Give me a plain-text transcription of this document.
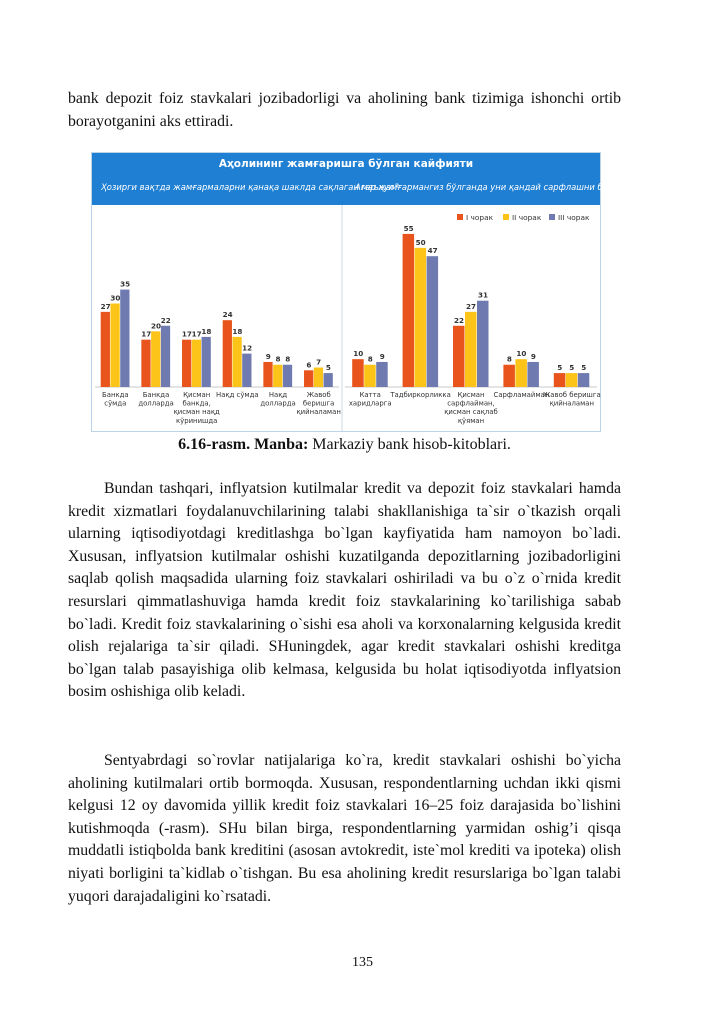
bank depozit foiz stavkalari jozibadorligi va aholining bank tizimiga ishonchi ortib borayotganini aks ettiradi.

Аҳолининг жамғаришга бўлган кайфияти
Ҳозирги вақтда жамғармаларни қанақа шаклда сақлаган маъқул?
Агар жамғармангиз бўлганда уни қандай сарфлашни бўлган эдингиз?
27
30
35
Банкда
сўмда
17
20
22
Банкда
долларда
17 17 18
Қисман
банкда,
қисман нақд
кўринишда
24
18
12
Нақд сўмда
9 8 8
Нақд
долларда
6 7
5
Жавоб
беришга
қийналаман
10
8 9
Катта
харидларга
55
50
47
Тадбиркорликка
22
27
31
Қисман
сарфлайман,
қисман сақлаб
қўяман
8
10 9
Сарфламайман
5 5 5
Жавоб беришга
қийналаман
I чорак	II чорак III чорак
6.16-rasm. Manba: Markaziy bank hisob-kitoblari.

Bundan tashqari, inflyatsion kutilmalar kredit va depozit foiz stavkalari hamda kredit xizmatlari foydalanuvchilarining talabi shakllanishiga ta`sir o`tkazish orqali ularning iqtisodiyotdagi kreditlashga bo`lgan kayfiyatida ham namoyon bo`ladi. Xususan, inflyatsion kutilmalar oshishi kuzatilganda depozitlarning jozibadorligini saqlab qolish maqsadida ularning foiz stavkalari oshiriladi va bu o`z o`rnida kredit resurslari qimmatlashuviga hamda kredit foiz stavkalarining ko`tarilishiga sabab bo`ladi. Kredit foiz stavkalarining o`sishi esa aholi va korxonalarning kelgusida kredit olish rejalariga ta`sir qiladi. SHuningdek, agar kredit stavkalari oshishi kreditga bo`lgan talab pasayishiga olib kelmasa, kelgusida bu holat iqtisodiyotda inflyatsion bosim oshishiga olib keladi.

Sentyabrdagi so`rovlar natijalariga ko`ra, kredit stavkalari oshishi bo`yicha aholining kutilmalari ortib bormoqda. Xususan, respondentlarning uchdan ikki qismi kelgusi 12 oy davomida yillik kredit foiz stavkalari 16–25 foiz darajasida bo`lishini kutishmoqda (-rasm). SHu bilan birga, respondentlarning yarmidan oshig’i qisqa muddatli istiqbolda bank kreditini (asosan avtokredit, iste`mol krediti va ipoteka) olish niyati borligini ta`kidlab o`tishgan. Bu esa aholining kredit resurslariga bo`lgan talabi yuqori darajadaligini ko`rsatadi.

135
